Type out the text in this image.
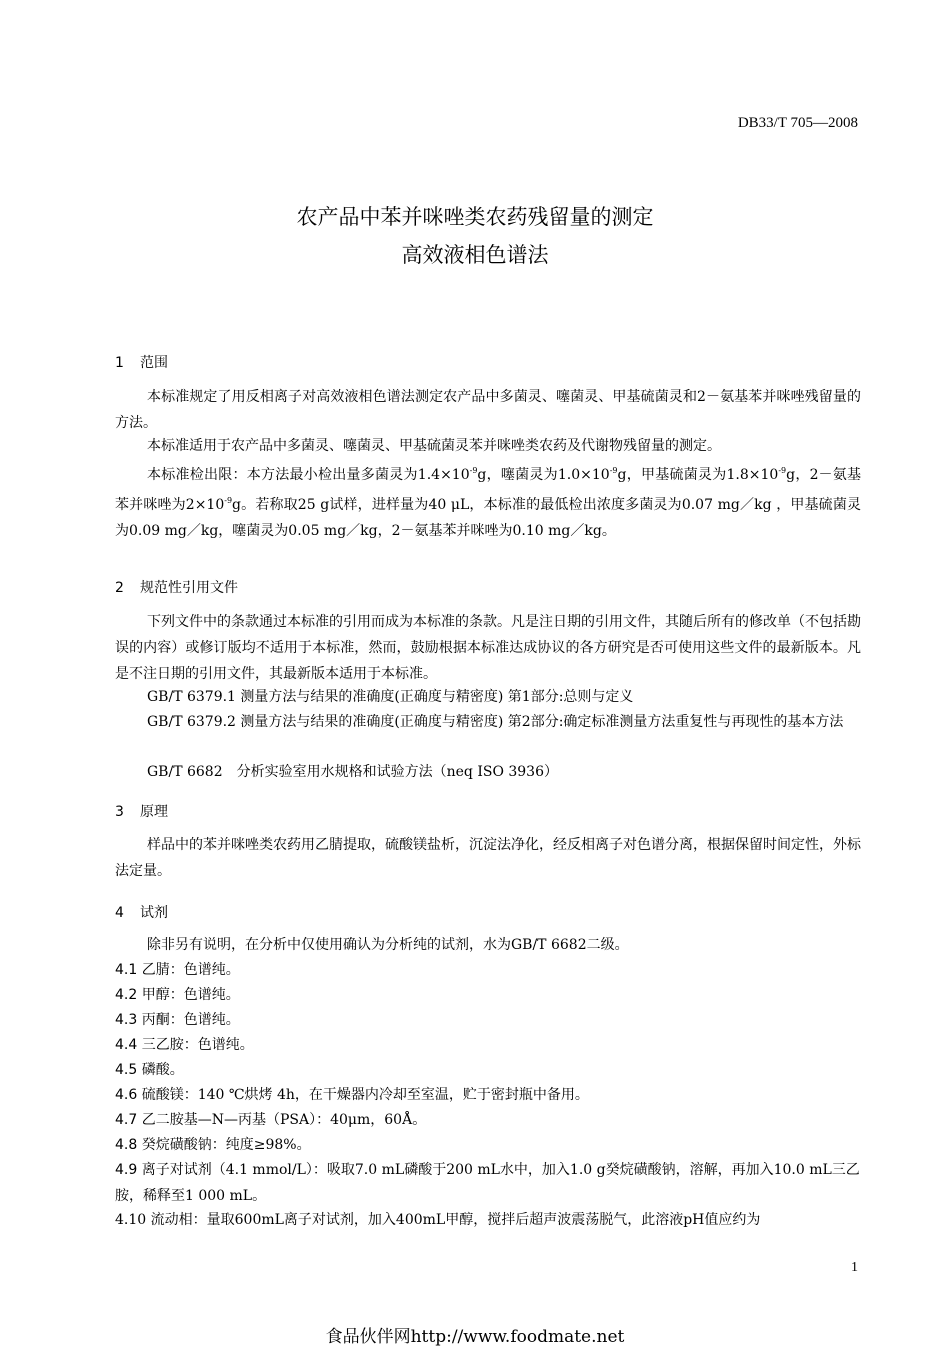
DB33/T 705—2008
农产品中苯并咪唑类农药残留量的测定
高效液相色谱法
1 范围
本标准规定了用反相离子对高效液相色谱法测定农产品中多菌灵、噻菌灵、甲基硫菌灵和2－氨基苯并咪唑残留量的方法。
本标准适用于农产品中多菌灵、噻菌灵、甲基硫菌灵苯并咪唑类农药及代谢物残留量的测定。
本标准检出限：本方法最小检出量多菌灵为$1.4\times 10^{-9}g$，噻菌灵为$1.0\times 10^{-9}g$，甲基硫菌灵为$1.8\times 10^{-9}g$，2－氨基苯并咪唑为$2\times 10^{-9}g$。若称取25 g试样，进样量为40 μL，本标准的最低检出浓度多菌灵为0.07 mg／kg ，甲基硫菌灵为0.09 mg／kg，噻菌灵为0.05 mg／kg，2－氨基苯并咪唑为0.10 mg／kg。
2 规范性引用文件
下列文件中的条款通过本标准的引用而成为本标准的条款。凡是注日期的引用文件，其随后所有的修改单（不包括勘误的内容）或修订版均不适用于本标准，然而，鼓励根据本标准达成协议的各方研究是否可使用这些文件的最新版本。凡是不注日期的引用文件，其最新版本适用于本标准。
GB/T 6379.1 测量方法与结果的准确度(正确度与精密度) 第1部分:总则与定义
GB/T 6379.2 测量方法与结果的准确度(正确度与精密度) 第2部分:确定标准测量方法重复性与再现性的基本方法
GB/T 6682　分析实验室用水规格和试验方法（neq ISO 3936）
3 原理
样品中的苯并咪唑类农药用乙腈提取，硫酸镁盐析，沉淀法净化，经反相离子对色谱分离，根据保留时间定性，外标法定量。
4 试剂
除非另有说明，在分析中仅使用确认为分析纯的试剂，水为GB/T 6682二级。
4.1 乙腈：色谱纯。
4.2 甲醇：色谱纯。
4.3 丙酮：色谱纯。
4.4 三乙胺：色谱纯。
4.5 磷酸。
4.6 硫酸镁：140 ℃烘烤 4h，在干燥器内冷却至室温，贮于密封瓶中备用。
4.7 乙二胺基—N—丙基（PSA）：40μm，60Å。
4.8 癸烷磺酸钠：纯度≥98%。
4.9 离子对试剂（4.1 mmol/L）：吸取7.0 mL磷酸于200 mL水中，加入1.0 g癸烷磺酸钠，溶解，再加入10.0 mL三乙胺，稀释至1 000 mL。
4.10 流动相：量取600mL离子对试剂，加入400mL甲醇，搅拌后超声波震荡脱气，此溶液pH值应约为
1
食品伙伴网http://www.foodmate.net
